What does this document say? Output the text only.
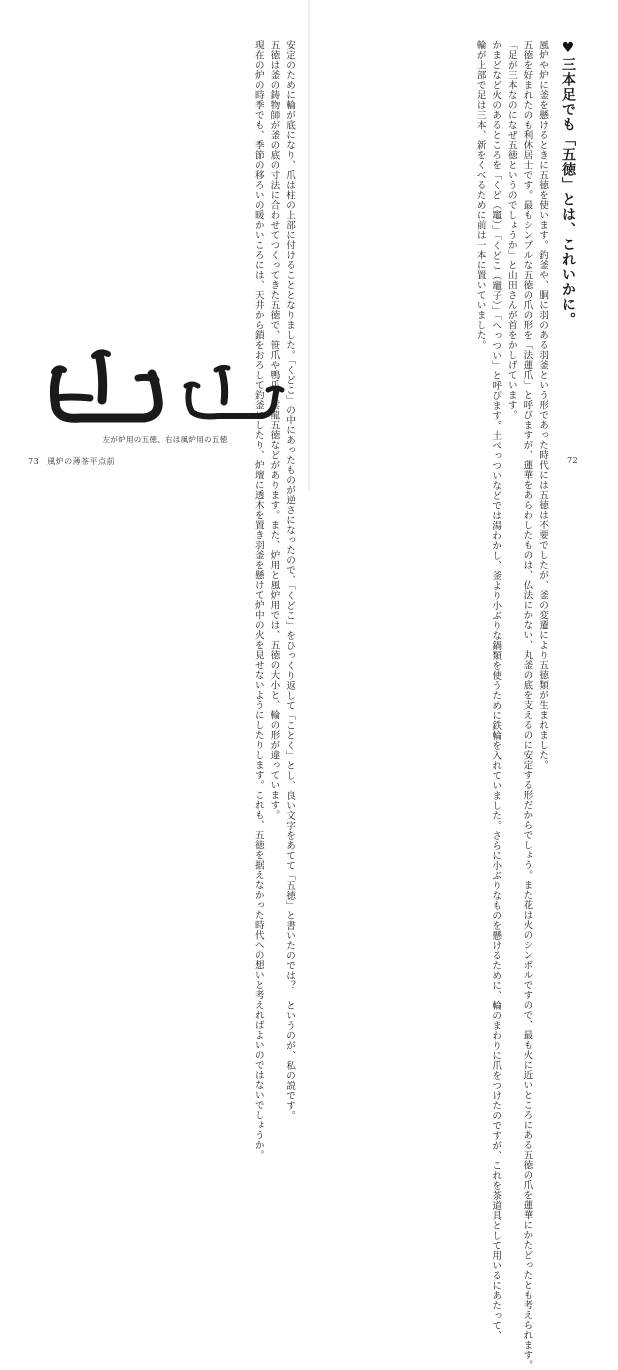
♥三本足でも「五徳」とは、これいかに。

風炉や炉に釜を懸けるときに五徳を使います。釣釜や、胴に羽のある羽釜という形であった時代には五徳は不要でしたが、釜の変遷により五徳類が生まれました。

五徳を好まれたのも利休居士です。最もシンプルな五徳の爪の形を「法蓮爪」と呼びますが、蓮華をあらわしたものは、仏法にかない、丸釜の底を支えるのに安定する形だからでしょう。また花は火のシンボルですので、最も火に近いところにある五徳の爪を蓮華にかたどったとも考えられます。

「足が三本なのになぜ五徳というのでしょうか」と山田さんが首をかしげています。

かまどなど火のあるところを「くど（竈）」「くどこ（竈子）」「へっつい」と呼びます。土べっついなどでは湯わかし、釜より小ぶりな鍋類を使うために鉄輪を入れていました。さらに小ぶりなものを懸けるために、輪のまわりに爪をつけたのですが、これを茶道具として用いるにあたって、

輪が上部で足は三本、新をくべるために前は一本に置いていました。

安定のために輪が底になり、爪は柱の上部に付けることとなりました。「くどこ」の中にあったものが逆さになったので、「くどこ」をひっくり返して「ことく」とし、良い文字をあてて「五徳」と書いたのでは？　というのが、私の説です。

五徳は釜の鋳物師が釜の底の寸法に合わせてつくってきた五徳で、笹爪や鴨爪、雲龍五徳などがあります。また、炉用と風炉用では、五徳の大小と、輪の形が違っています。

現在の炉の時季でも、季節の移ろいの暖かいころには、天井から鎖をおろして釣釜にしたり、炉壇に透木を置き羽釜を懸けて炉中の火を見せないようにしたりします。これも、五徳を据えなかった時代への想いと考えればよいのではないでしょうか。

左が炉用の五徳、右は風炉用の五徳
73 風炉の薄茶平点前	72
